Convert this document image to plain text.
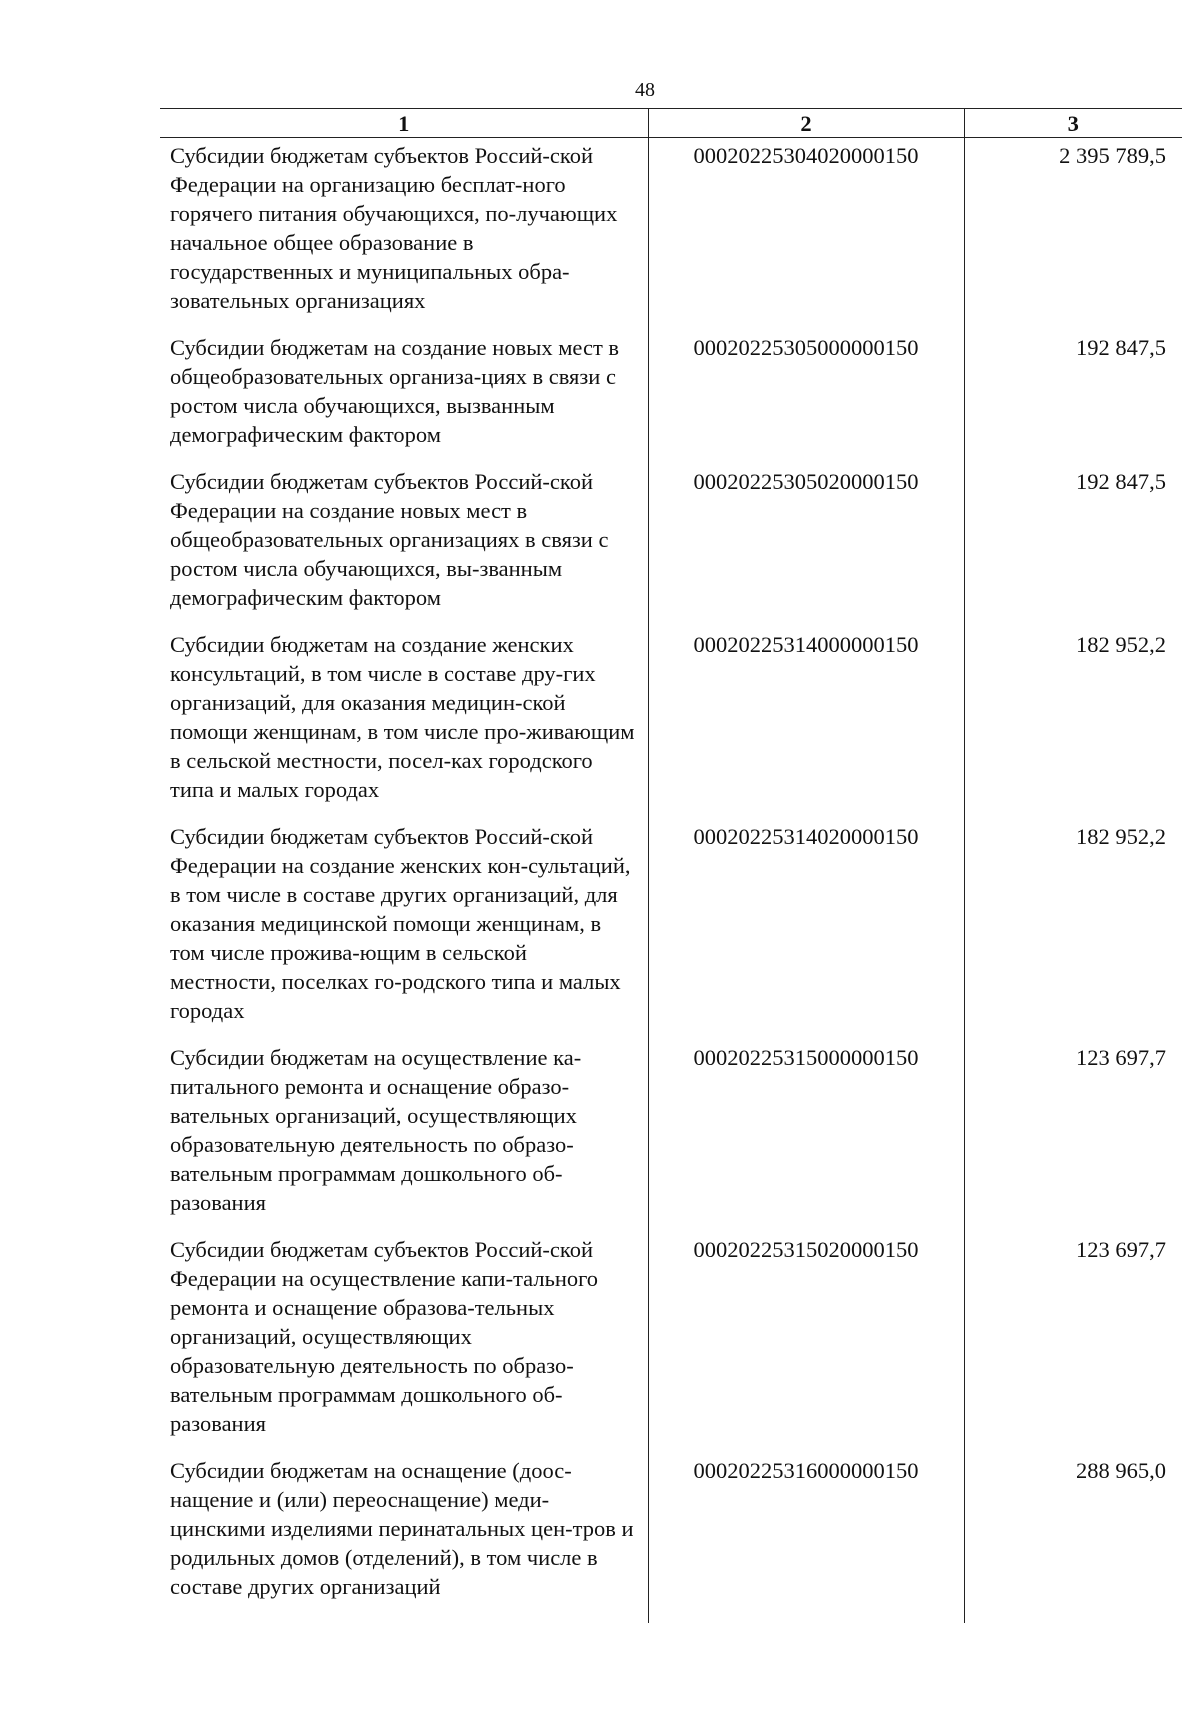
48
1	2	3
Субсидии бюджетам субъектов Россий-ской Федерации на организацию бесплат-ного горячего питания обучающихся, по-лучающих начальное общее образование в государственных и муниципальных обра-зовательных организациях	00020225304020000150	2 395 789,5
Субсидии бюджетам на создание новых мест в общеобразовательных организа-циях в связи с ростом числа обучающихся, вызванным демографическим фактором	00020225305000000150	192 847,5
Субсидии бюджетам субъектов Россий-ской Федерации на создание новых мест в общеобразовательных организациях в связи с ростом числа обучающихся, вы-званным демографическим фактором	00020225305020000150	192 847,5
Субсидии бюджетам на создание женских консультаций, в том числе в составе дру-гих организаций, для оказания медицин-ской помощи женщинам, в том числе про-живающим в сельской местности, посел-ках городского типа и малых городах	00020225314000000150	182 952,2
Субсидии бюджетам субъектов Россий-ской Федерации на создание женских кон-сультаций, в том числе в составе других организаций, для оказания медицинской помощи женщинам, в том числе прожива-ющим в сельской местности, поселках го-родского типа и малых городах	00020225314020000150	182 952,2
Субсидии бюджетам на осуществление ка-питального ремонта и оснащение образо-вательных организаций, осуществляющих образовательную деятельность по образо-вательным программам дошкольного об-разования	00020225315000000150	123 697,7
Субсидии бюджетам субъектов Россий-ской Федерации на осуществление капи-тального ремонта и оснащение образова-тельных организаций, осуществляющих образовательную деятельность по образо-вательным программам дошкольного об-разования	00020225315020000150	123 697,7
Субсидии бюджетам на оснащение (доос-нащение и (или) переоснащение) меди-цинскими изделиями перинатальных цен-тров и родильных домов (отделений), в том числе в составе других организаций	00020225316000000150	288 965,0
